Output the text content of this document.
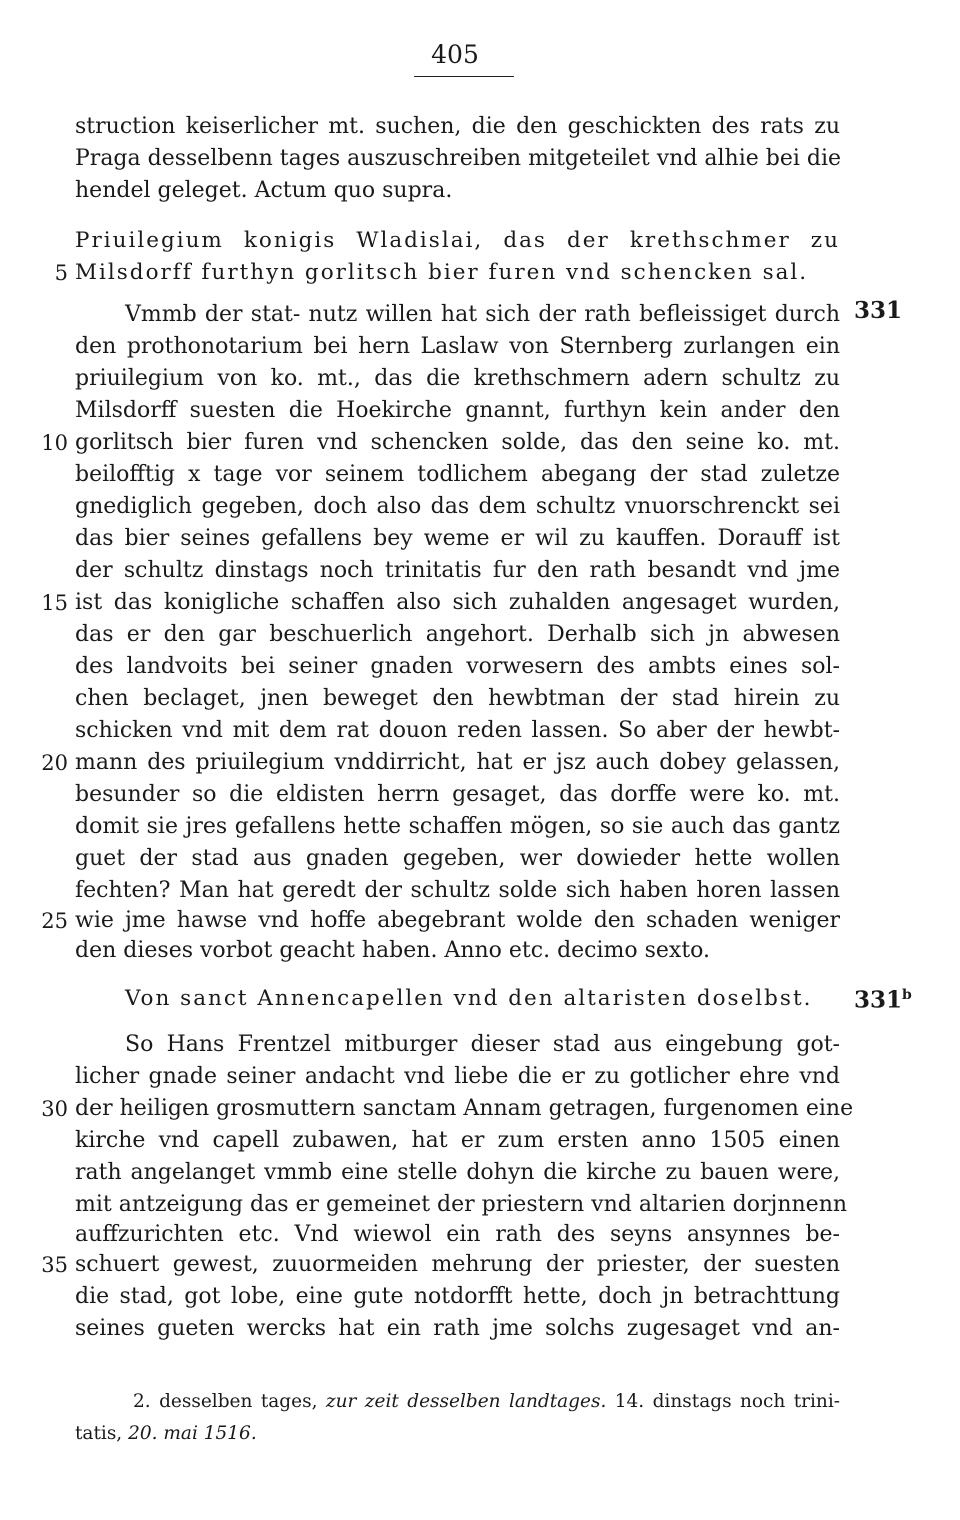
405
struction keiserlicher mt. suchen, die den geschickten des rats zu
Praga desselbenn tages auszuschreiben mitgeteilet vnd alhie bei die
hendel geleget. Actum quo supra.
Priuilegium konigis Wladislai, das der krethschmer zu
Milsdorff furthyn gorlitsch bier furen vnd schencken sal.
5
Vmmb der stat- nutz willen hat sich der rath befleissiget durch 331
den prothonotarium bei hern Laslaw von Sternberg zurlangen ein
priuilegium von ko. mt., das die krethschmern adern schultz zu
Milsdorff suesten die Hoekirche gnannt, furthyn kein ander den
gorlitsch bier furen vnd schencken solde, das den seine ko. mt.
10
beilofftig x tage vor seinem todlichem abegang der stad zuletze
gnediglich gegeben, doch also das dem schultz vnuorschrenckt sei
das bier seines gefallens bey weme er wil zu kauffen. Dorauff ist
der schultz dinstags noch trinitatis fur den rath besandt vnd jme
ist das konigliche schaffen also sich zuhalden angesaget wurden,
15
das er den gar beschuerlich angehort. Derhalb sich jn abwesen
des landvoits bei seiner gnaden vorwesern des ambts eines sol-
chen beclaget, jnen beweget den hewbtman der stad hirein zu
schicken vnd mit dem rat douon reden lassen. So aber der hewbt-
mann des priuilegium vnddirricht, hat er jsz auch dobey gelassen,
20
besunder so die eldisten herrn gesaget, das dorffe were ko. mt.
domit sie jres gefallens hette schaffen mögen, so sie auch das gantz
guet der stad aus gnaden gegeben, wer dowieder hette wollen
fechten? Man hat geredt der schultz solde sich haben horen lassen
wie jme hawse vnd hoffe abegebrant wolde den schaden weniger
25
den dieses vorbot geacht haben. Anno etc. decimo sexto.
Von sanct Annencapellen vnd den altaristen doselbst.	331$^b$
So Hans Frentzel mitburger dieser stad aus eingebung got-
licher gnade seiner andacht vnd liebe die er zu gotlicher ehre vnd
der heiligen grosmuttern sanctam Annam getragen, furgenomen eine
30
kirche vnd capell zubawen, hat er zum ersten anno 1505 einen
rath angelanget vmmb eine stelle dohyn die kirche zu bauen were,
mit antzeigung das er gemeinet der priestern vnd altarien dorjnnenn
auffzurichten etc. Vnd wiewol ein rath des seyns ansynnes be-
schuert gewest, zuuormeiden mehrung der priester, der suesten
35
die stad, got lobe, eine gute notdorfft hette, doch jn betrachttung
seines gueten wercks hat ein rath jme solchs zugesaget vnd an-
2. desselben tages, zur zeit desselben landtages. 14. dinstags noch trini-
tatis, 20. mai 1516.
